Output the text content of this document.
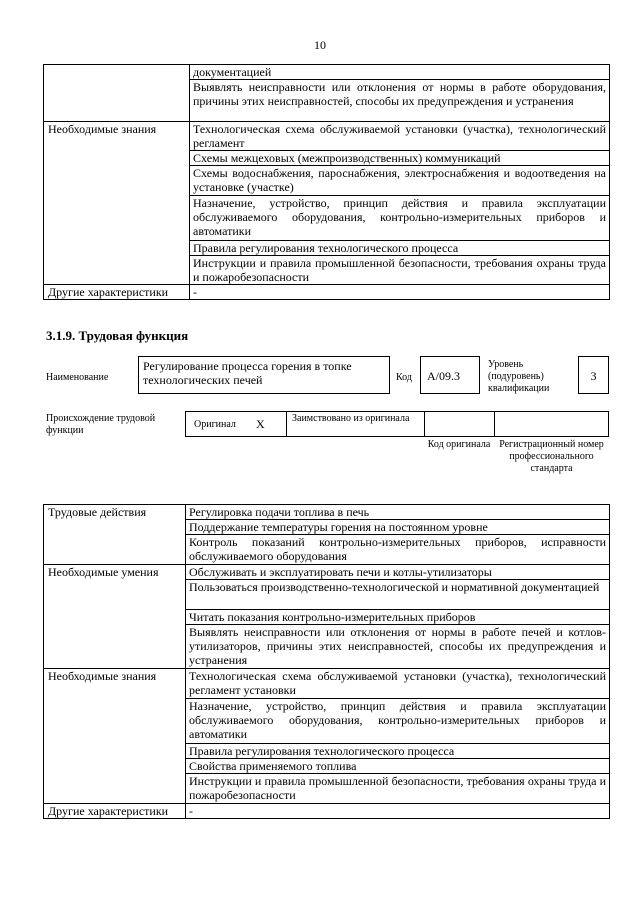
10
	документацией
	Выявлять неисправности или отклонения от нормы в работе оборудования, причины этих неисправностей, способы их предупреждения и устранения
Необходимые знания	Технологическая схема обслуживаемой установки (участка), технологический регламент
	Схемы межцеховых (межпроизводственных) коммуникаций
	Схемы водоснабжения, пароснабжения, электроснабжения и водоотведения на установке (участке)
	Назначение, устройство, принцип действия и правила эксплуатации обслуживаемого оборудования, контрольно-измерительных приборов и автоматики
	Правила регулирования технологического процесса
	Инструкции и правила промышленной безопасности, требования охраны труда и пожаробезопасности
Другие характеристики	-
3.1.9. Трудовая функция
Наименование
Регулирование процесса горения в топке технологических печей	Код	А/09.3
Уровень (подуровень) квалификации
3
Происхождение трудовой функции
Оригинал X	Заимствовано из оригинала
Код оригинала Регистрационный номер профессионального стандарта
Трудовые действия	Регулировка подачи топлива в печь
	Поддержание температуры горения на постоянном уровне
	Контроль показаний контрольно-измерительных приборов, исправности обслуживаемого оборудования
Необходимые умения	Обслуживать и эксплуатировать печи и котлы-утилизаторы
	Пользоваться производственно-технологической и нормативной документацией
	Читать показания контрольно-измерительных приборов
	Выявлять неисправности или отклонения от нормы в работе печей и котлов-утилизаторов, причины этих неисправностей, способы их предупреждения и устранения
Необходимые знания	Технологическая схема обслуживаемой установки (участка), технологический регламент установки
	Назначение, устройство, принцип действия и правила эксплуатации обслуживаемого оборудования, контрольно-измерительных приборов и автоматики
	Правила регулирования технологического процесса
	Свойства применяемого топлива
	Инструкции и правила промышленной безопасности, требования охраны труда и пожаробезопасности
Другие характеристики	-
